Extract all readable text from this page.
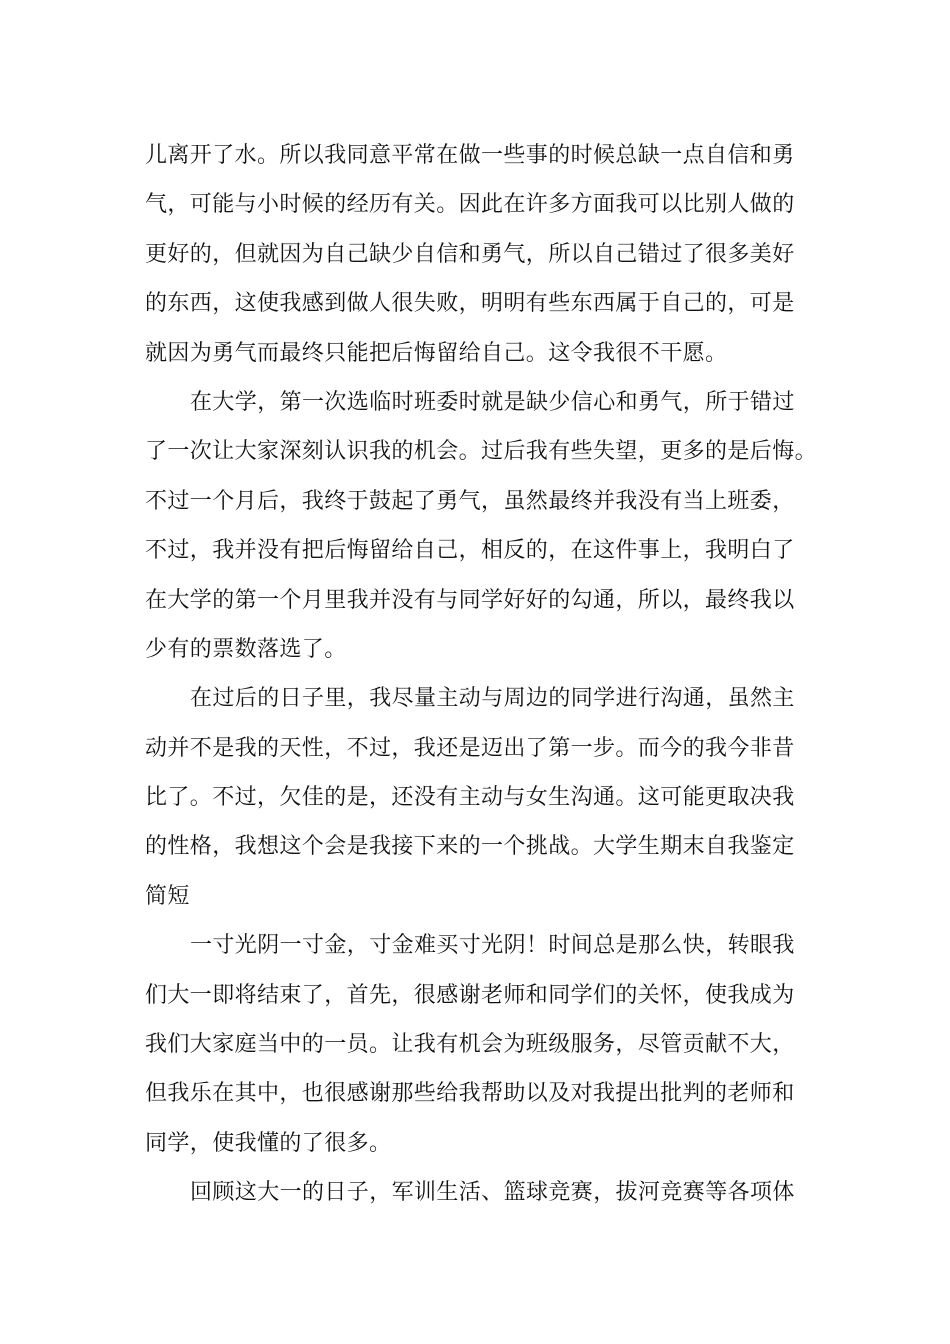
儿离开了水。所以我同意平常在做一些事的时候总缺一点自信和勇
气，可能与小时候的经历有关。因此在许多方面我可以比别人做的
更好的，但就因为自己缺少自信和勇气，所以自己错过了很多美好
的东西，这使我感到做人很失败，明明有些东西属于自己的，可是
就因为勇气而最终只能把后悔留给自己。这令我很不干愿。
在大学，第一次选临时班委时就是缺少信心和勇气，所于错过
了一次让大家深刻认识我的机会。过后我有些失望，更多的是后悔。
不过一个月后，我终于鼓起了勇气，虽然最终并我没有当上班委，
不过，我并没有把后悔留给自己，相反的，在这件事上，我明白了
在大学的第一个月里我并没有与同学好好的勾通，所以，最终我以
少有的票数落选了。
在过后的日子里，我尽量主动与周边的同学进行沟通，虽然主
动并不是我的天性，不过，我还是迈出了第一步。而今的我今非昔
比了。不过，欠佳的是，还没有主动与女生沟通。这可能更取决我
的性格，我想这个会是我接下来的一个挑战。大学生期末自我鉴定
简短
一寸光阴一寸金，寸金难买寸光阴！时间总是那么快，转眼我
们大一即将结束了，首先，很感谢老师和同学们的关怀，使我成为
我们大家庭当中的一员。让我有机会为班级服务，尽管贡献不大，
但我乐在其中，也很感谢那些给我帮助以及对我提出批判的老师和
同学，使我懂的了很多。
回顾这大一的日子，军训生活、篮球竞赛，拔河竞赛等各项体
